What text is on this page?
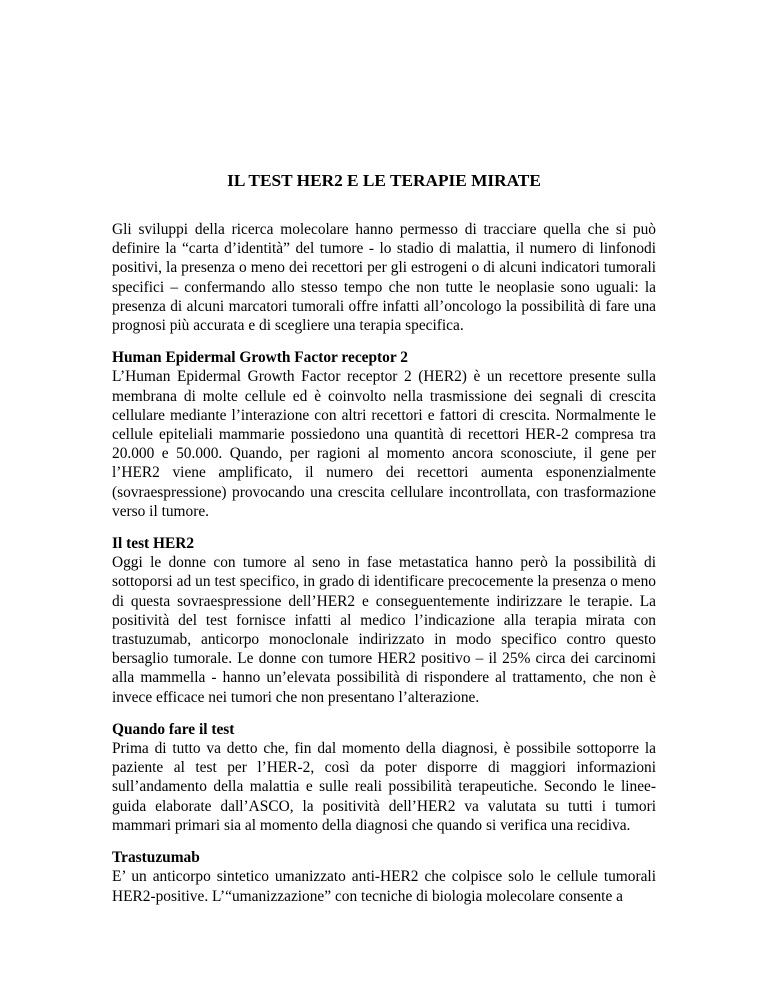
IL TEST HER2 E LE TERAPIE MIRATE

Gli sviluppi della ricerca molecolare hanno permesso di tracciare quella che si può definire la “carta d’identità” del tumore - lo stadio di malattia, il numero di linfonodi positivi, la presenza o meno dei recettori per gli estrogeni o di alcuni indicatori tumorali specifici – confermando allo stesso tempo che non tutte le neoplasie sono uguali: la presenza di alcuni marcatori tumorali offre infatti all’oncologo la possibilità di fare una prognosi più accurata e di scegliere una terapia specifica.

Human Epidermal Growth Factor receptor 2
L’Human Epidermal Growth Factor receptor 2 (HER2) è un recettore presente sulla membrana di molte cellule ed è coinvolto nella trasmissione dei segnali di crescita cellulare mediante l’interazione con altri recettori e fattori di crescita. Normalmente le cellule epiteliali mammarie possiedono una quantità di recettori HER-2 compresa tra 20.000 e 50.000. Quando, per ragioni al momento ancora sconosciute, il gene per l’HER2 viene amplificato, il numero dei recettori aumenta esponenzialmente (sovraespressione) provocando una crescita cellulare incontrollata, con trasformazione verso il tumore.

Il test HER2
Oggi le donne con tumore al seno in fase metastatica hanno però la possibilità di sottoporsi ad un test specifico, in grado di identificare precocemente la presenza o meno di questa sovraespressione dell’HER2 e conseguentemente indirizzare le terapie. La positività del test fornisce infatti al medico l’indicazione alla terapia mirata con trastuzumab, anticorpo monoclonale indirizzato in modo specifico contro questo bersaglio tumorale. Le donne con tumore HER2 positivo – il 25% circa dei carcinomi alla mammella - hanno un’elevata possibilità di rispondere al trattamento, che non è invece efficace nei tumori che non presentano l’alterazione.

Quando fare il test
Prima di tutto va detto che, fin dal momento della diagnosi, è possibile sottoporre la paziente al test per l’HER-2, così da poter disporre di maggiori informazioni sull’andamento della malattia e sulle reali possibilità terapeutiche. Secondo le linee-guida elaborate dall’ASCO, la positività dell’HER2 va valutata su tutti i tumori mammari primari sia al momento della diagnosi che quando si verifica una recidiva.

Trastuzumab
E’ un anticorpo sintetico umanizzato anti-HER2 che colpisce solo le cellule tumorali HER2-positive. L’“umanizzazione” con tecniche di biologia molecolare consente a
